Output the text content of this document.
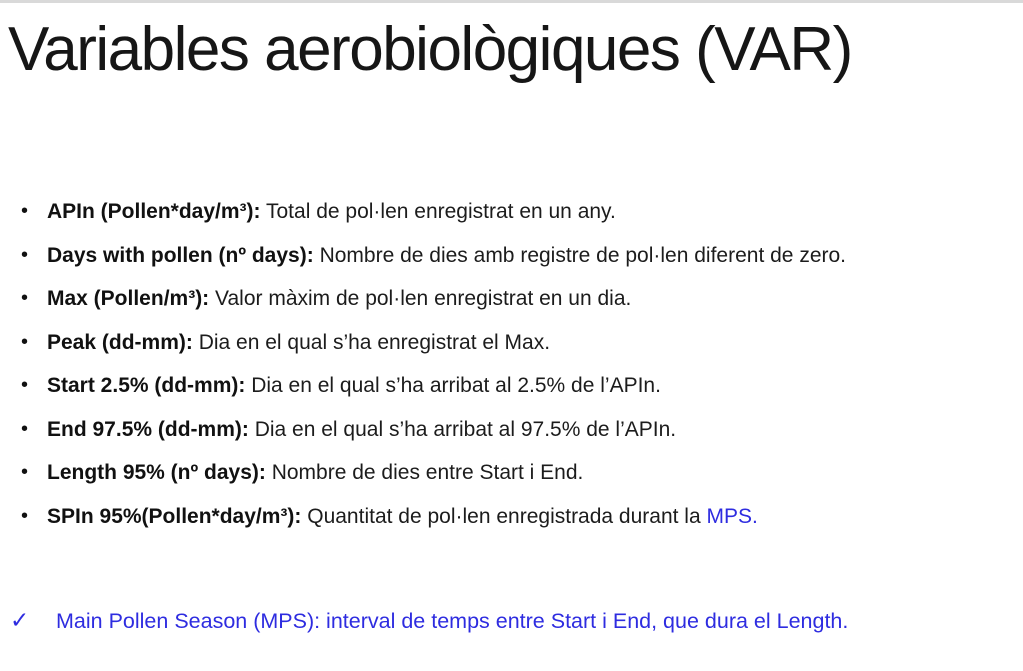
Variables aerobiològiques (VAR)
• APIn (Pollen*day/m³): Total de pol·len enregistrat en un any.
• Days with pollen (nº days): Nombre de dies amb registre de pol·len diferent de zero.
• Max (Pollen/m³): Valor màxim de pol·len enregistrat en un dia.
• Peak (dd-mm): Dia en el qual s’ha enregistrat el Max.
• Start 2.5% (dd-mm): Dia en el qual s’ha arribat al 2.5% de l’APIn.
• End 97.5% (dd-mm): Dia en el qual s’ha arribat al 97.5% de l’APIn.
• Length 95% (nº days): Nombre de dies entre Start i End.
• SPIn 95%(Pollen*day/m³): Quantitat de pol·len enregistrada durant la MPS.
✓ Main Pollen Season (MPS): interval de temps entre Start i End, que dura el Length.
